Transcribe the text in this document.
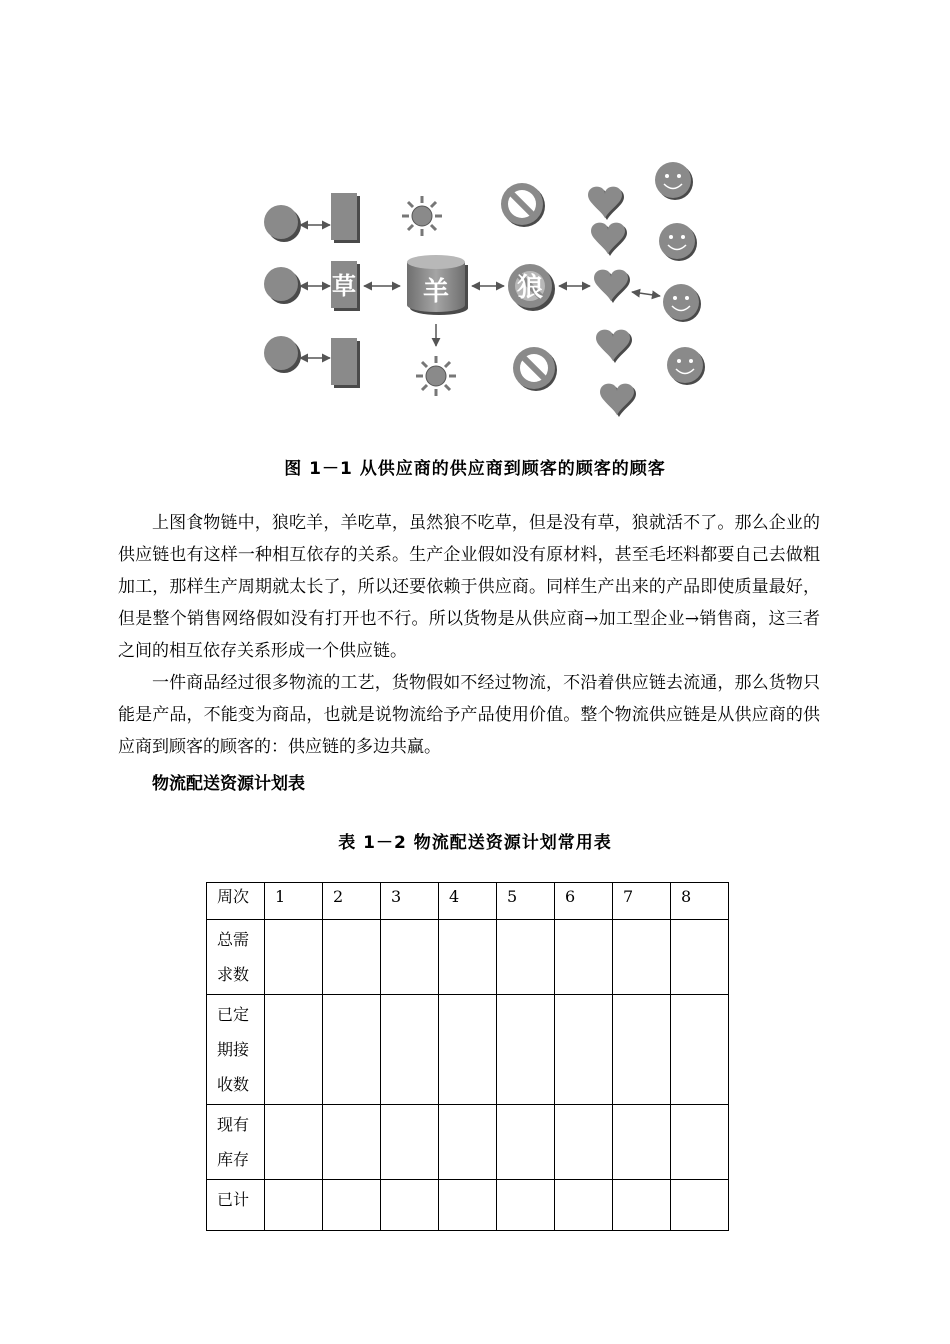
草	羊	狼
图 1－1 从供应商的供应商到顾客的顾客的顾客

上图食物链中，狼吃羊，羊吃草，虽然狼不吃草，但是没有草，狼就活不了。那么企业的供应链也有这样一种相互依存的关系。生产企业假如没有原材料，甚至毛坯料都要自己去做粗加工，那样生产周期就太长了，所以还要依赖于供应商。同样生产出来的产品即使质量最好，但是整个销售网络假如没有打开也不行。所以货物是从供应商→加工型企业→销售商，这三者之间的相互依存关系形成一个供应链。

一件商品经过很多物流的工艺，货物假如不经过物流，不沿着供应链去流通，那么货物只能是产品，不能变为商品，也就是说物流给予产品使用价值。整个物流供应链是从供应商的供应商到顾客的顾客的：供应链的多边共赢。

物流配送资源计划表
表 1－2 物流配送资源计划常用表
周次	1	2	3	4	5	6	7	8
总需求数								
已定期接收数								
现有库存								
已计								
